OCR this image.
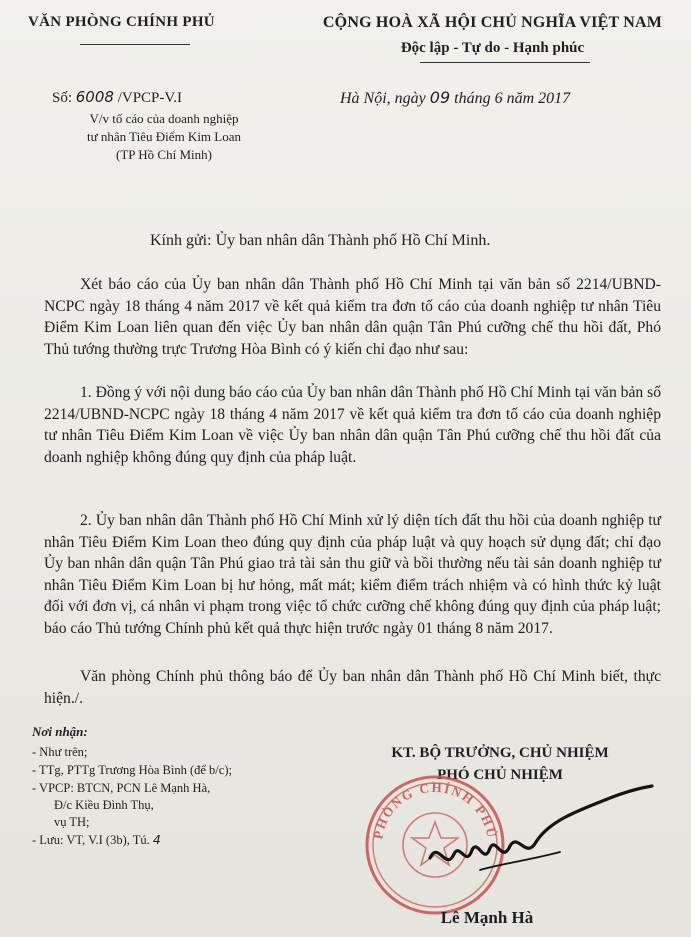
VĂN PHÒNG CHÍNH PHỦ	CỘNG HOÀ XÃ HỘI CHỦ NGHĨA VIỆT NAM
Độc lập - Tự do - Hạnh phúc
Số: 6008 /VPCP-V.I
V/v tố cáo của doanh nghiệp
tư nhân Tiêu Điểm Kim Loan
(TP Hồ Chí Minh)
Hà Nội, ngày 09 tháng 6 năm 2017
Kính gửi: Ủy ban nhân dân Thành phố Hồ Chí Minh.

Xét báo cáo của Ủy ban nhân dân Thành phố Hồ Chí Minh tại văn bản số 2214/UBND-NCPC ngày 18 tháng 4 năm 2017 về kết quả kiểm tra đơn tố cáo của doanh nghiệp tư nhân Tiêu Điểm Kim Loan liên quan đến việc Ủy ban nhân dân quận Tân Phú cưỡng chế thu hồi đất, Phó Thủ tướng thường trực Trương Hòa Bình có ý kiến chỉ đạo như sau:

1. Đồng ý với nội dung báo cáo của Ủy ban nhân dân Thành phố Hồ Chí Minh tại văn bản số 2214/UBND-NCPC ngày 18 tháng 4 năm 2017 về kết quả kiểm tra đơn tố cáo của doanh nghiệp tư nhân Tiêu Điểm Kim Loan về việc Ủy ban nhân dân quận Tân Phú cưỡng chế thu hồi đất của doanh nghiệp không đúng quy định của pháp luật.

2. Ủy ban nhân dân Thành phố Hồ Chí Minh xử lý diện tích đất thu hồi của doanh nghiệp tư nhân Tiêu Điểm Kim Loan theo đúng quy định của pháp luật và quy hoạch sử dụng đất; chỉ đạo Ủy ban nhân dân quận Tân Phú giao trả tài sản thu giữ và bồi thường nếu tài sản doanh nghiệp tư nhân Tiêu Điểm Kim Loan bị hư hỏng, mất mát; kiểm điểm trách nhiệm và có hình thức kỷ luật đối với đơn vị, cá nhân vi phạm trong việc tổ chức cưỡng chế không đúng quy định của pháp luật; báo cáo Thủ tướng Chính phủ kết quả thực hiện trước ngày 01 tháng 8 năm 2017.

Văn phòng Chính phủ thông báo để Ủy ban nhân dân Thành phố Hồ Chí Minh biết, thực hiện./.

Nơi nhận:
- Như trên;
- TTg, PTTg Trương Hòa Bình (để b/c);
- VPCP: BTCN, PCN Lê Mạnh Hà,
Đ/c Kiều Đình Thụ,
vụ TH;
- Lưu: VT, V.I (3b), Tú. 4
KT. BỘ TRƯỞNG, CHỦ NHIỆM
PHÓ CHỦ NHIỆM
PHÒNG CHÍNH PHỦ
Lê Mạnh Hà
